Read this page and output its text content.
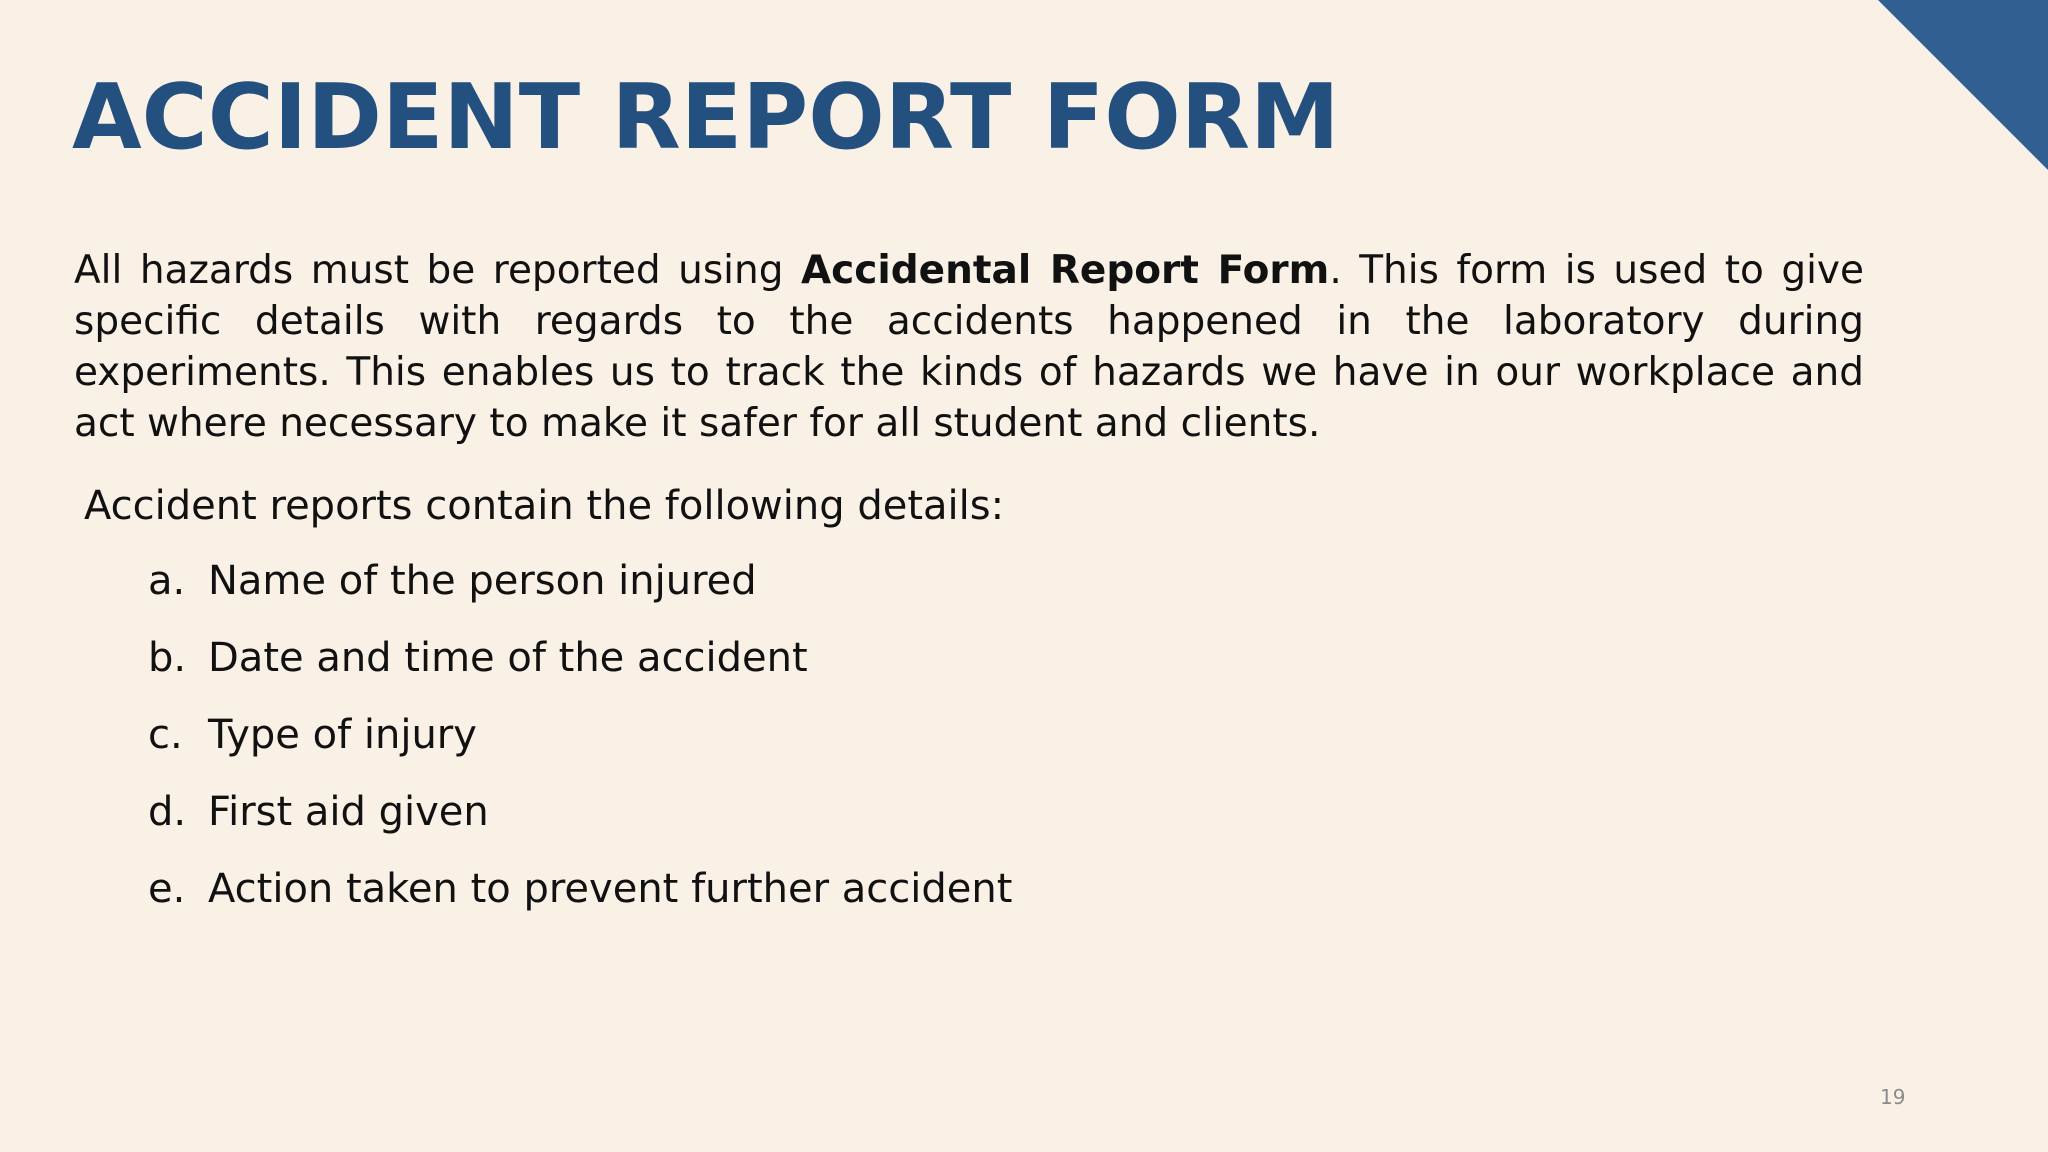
ACCIDENT REPORT FORM

All hazards must be reported using Accidental Report Form. This form is used to give specific details with regards to the accidents happened in the laboratory during experiments. This enables us to track the kinds of hazards we have in our workplace and act where necessary to make it safer for all student and clients.

Accident reports contain the following details:

a. Name of the person injured
b. Date and time of the accident
c. Type of injury
d. First aid given
e. Action taken to prevent further accident
19
